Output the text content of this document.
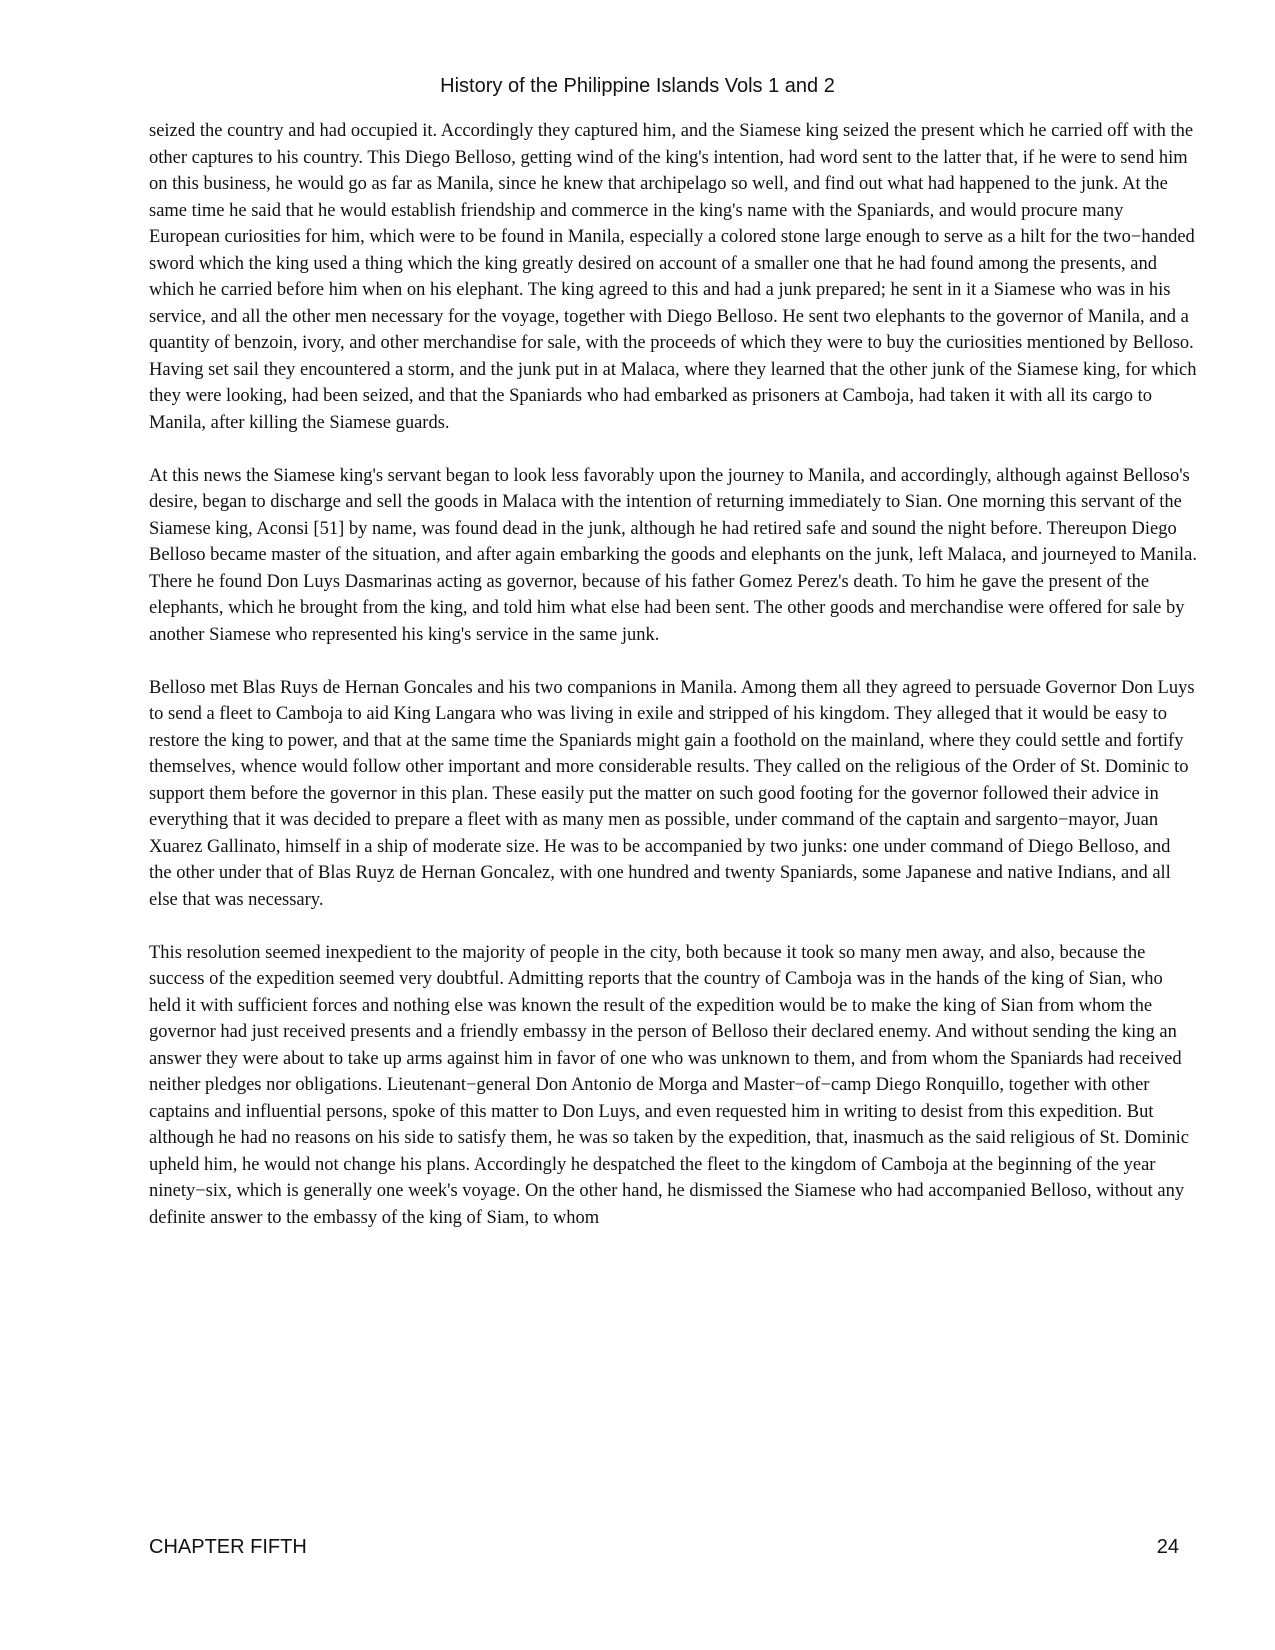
History of the Philippine Islands Vols 1 and 2

seized the country and had occupied it. Accordingly they captured him, and the Siamese king seized the present which he carried off with the other captures to his country. This Diego Belloso, getting wind of the king's intention, had word sent to the latter that, if he were to send him on this business, he would go as far as Manila, since he knew that archipelago so well, and find out what had happened to the junk. At the same time he said that he would establish friendship and commerce in the king's name with the Spaniards, and would procure many European curiosities for him, which were to be found in Manila, especially a colored stone large enough to serve as a hilt for the two−handed sword which the king used a thing which the king greatly desired on account of a smaller one that he had found among the presents, and which he carried before him when on his elephant. The king agreed to this and had a junk prepared; he sent in it a Siamese who was in his service, and all the other men necessary for the voyage, together with Diego Belloso. He sent two elephants to the governor of Manila, and a quantity of benzoin, ivory, and other merchandise for sale, with the proceeds of which they were to buy the curiosities mentioned by Belloso. Having set sail they encountered a storm, and the junk put in at Malaca, where they learned that the other junk of the Siamese king, for which they were looking, had been seized, and that the Spaniards who had embarked as prisoners at Camboja, had taken it with all its cargo to Manila, after killing the Siamese guards.

At this news the Siamese king's servant began to look less favorably upon the journey to Manila, and accordingly, although against Belloso's desire, began to discharge and sell the goods in Malaca with the intention of returning immediately to Sian. One morning this servant of the Siamese king, Aconsi [51] by name, was found dead in the junk, although he had retired safe and sound the night before. Thereupon Diego Belloso became master of the situation, and after again embarking the goods and elephants on the junk, left Malaca, and journeyed to Manila. There he found Don Luys Dasmarinas acting as governor, because of his father Gomez Perez's death. To him he gave the present of the elephants, which he brought from the king, and told him what else had been sent. The other goods and merchandise were offered for sale by another Siamese who represented his king's service in the same junk.

Belloso met Blas Ruys de Hernan Goncales and his two companions in Manila. Among them all they agreed to persuade Governor Don Luys to send a fleet to Camboja to aid King Langara who was living in exile and stripped of his kingdom. They alleged that it would be easy to restore the king to power, and that at the same time the Spaniards might gain a foothold on the mainland, where they could settle and fortify themselves, whence would follow other important and more considerable results. They called on the religious of the Order of St. Dominic to support them before the governor in this plan. These easily put the matter on such good footing for the governor followed their advice in everything that it was decided to prepare a fleet with as many men as possible, under command of the captain and sargento−mayor, Juan Xuarez Gallinato, himself in a ship of moderate size. He was to be accompanied by two junks: one under command of Diego Belloso, and the other under that of Blas Ruyz de Hernan Goncalez, with one hundred and twenty Spaniards, some Japanese and native Indians, and all else that was necessary.

This resolution seemed inexpedient to the majority of people in the city, both because it took so many men away, and also, because the success of the expedition seemed very doubtful. Admitting reports that the country of Camboja was in the hands of the king of Sian, who held it with sufficient forces and nothing else was known the result of the expedition would be to make the king of Sian from whom the governor had just received presents and a friendly embassy in the person of Belloso their declared enemy. And without sending the king an answer they were about to take up arms against him in favor of one who was unknown to them, and from whom the Spaniards had received neither pledges nor obligations. Lieutenant−general Don Antonio de Morga and Master−of−camp Diego Ronquillo, together with other captains and influential persons, spoke of this matter to Don Luys, and even requested him in writing to desist from this expedition. But although he had no reasons on his side to satisfy them, he was so taken by the expedition, that, inasmuch as the said religious of St. Dominic upheld him, he would not change his plans. Accordingly he despatched the fleet to the kingdom of Camboja at the beginning of the year ninety−six, which is generally one week's voyage. On the other hand, he dismissed the Siamese who had accompanied Belloso, without any definite answer to the embassy of the king of Siam, to whom

CHAPTER FIFTH	24
